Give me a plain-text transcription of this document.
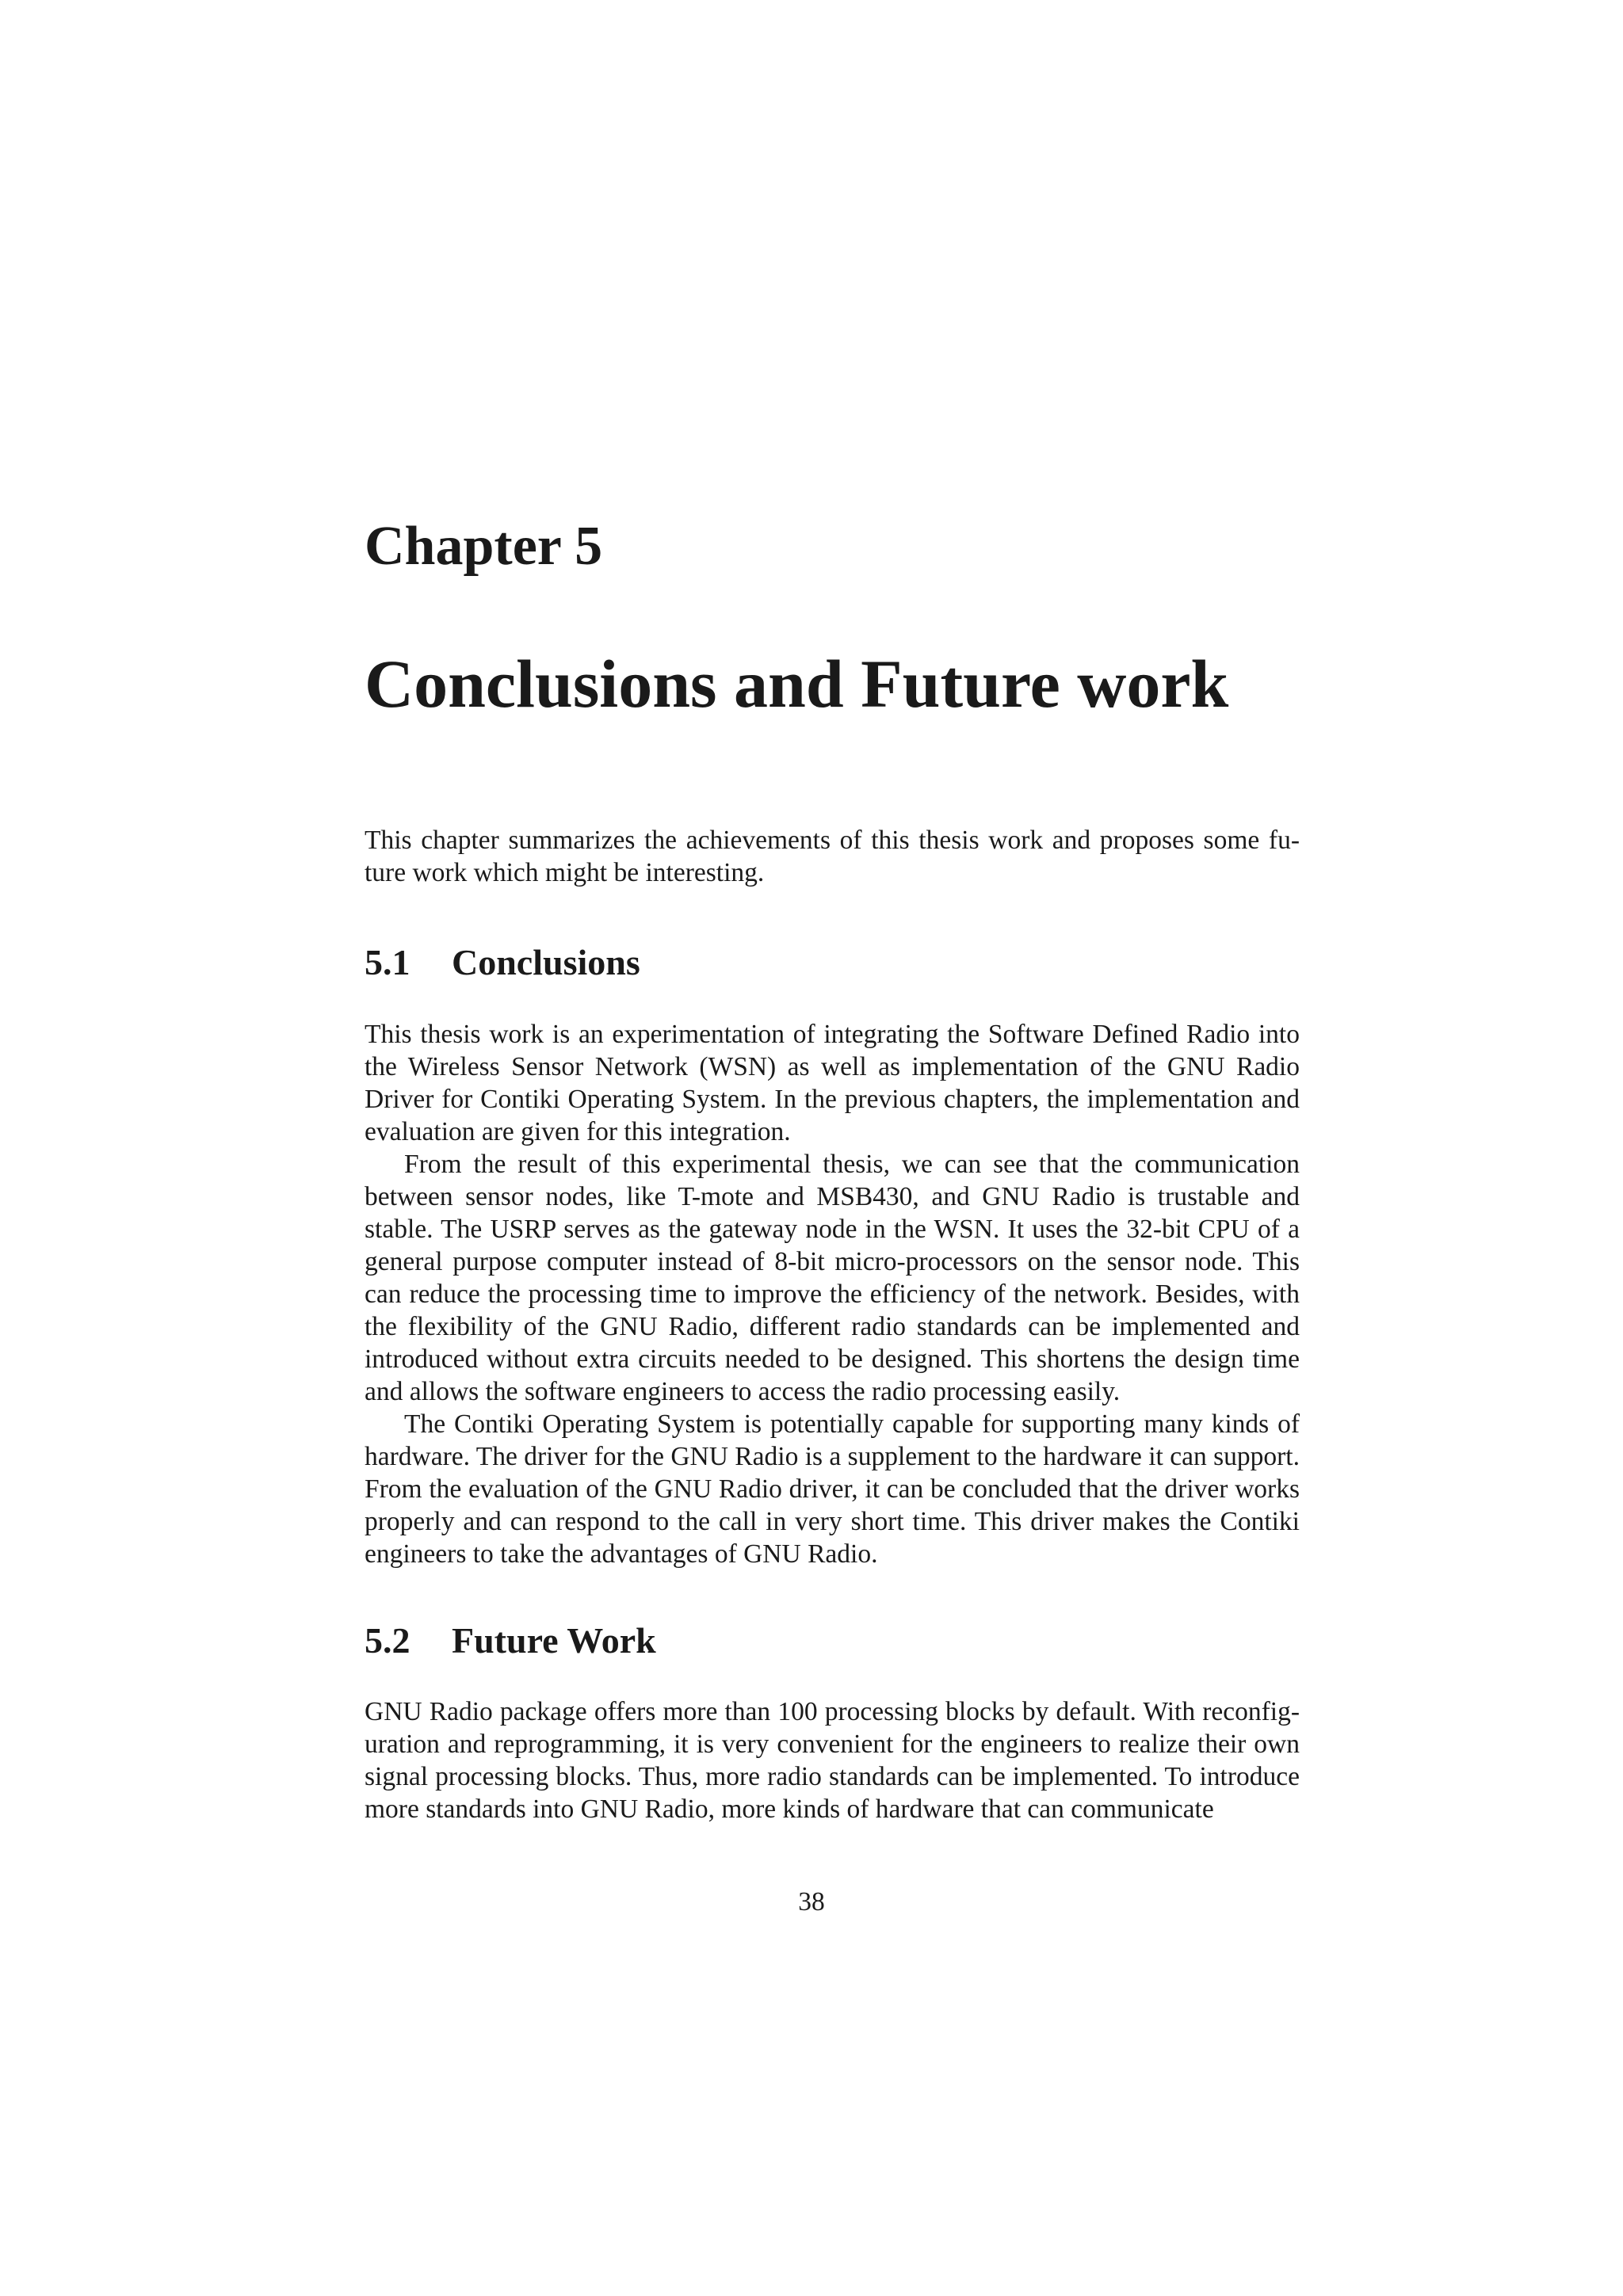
Chapter 5
Conclusions and Future work

This chapter summarizes the achievements of this thesis work and proposes some future work which might be interesting.

5.1 Conclusions

This thesis work is an experimentation of integrating the Software Defined Radio into the Wireless Sensor Network (WSN) as well as implementation of the GNU Radio Driver for Contiki Operating System. In the previous chapters, the implementation and evaluation are given for this integration.

From the result of this experimental thesis, we can see that the communication between sensor nodes, like T-mote and MSB430, and GNU Radio is trustable and stable. The USRP serves as the gateway node in the WSN. It uses the 32-bit CPU of a general purpose computer instead of 8-bit micro-processors on the sensor node. This can reduce the processing time to improve the efficiency of the network. Besides, with the flexibility of the GNU Radio, different radio standards can be implemented and introduced without extra circuits needed to be designed. This shortens the design time and allows the software engineers to access the radio processing easily.

The Contiki Operating System is potentially capable for supporting many kinds of hardware. The driver for the GNU Radio is a supplement to the hardware it can support. From the evaluation of the GNU Radio driver, it can be concluded that the driver works properly and can respond to the call in very short time. This driver makes the Contiki engineers to take the advantages of GNU Radio.

5.2 Future Work

GNU Radio package offers more than 100 processing blocks by default. With reconfiguration and reprogramming, it is very convenient for the engineers to realize their own signal processing blocks. Thus, more radio standards can be implemented. To introduce more standards into GNU Radio, more kinds of hardware that can communicate

38
